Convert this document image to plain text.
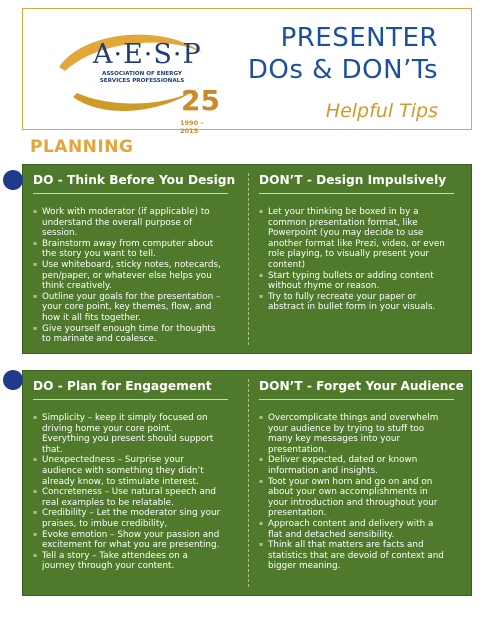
A·E·S·P
ASSOCIATION OF ENERGY
SERVICES PROFESSIONALS
25
1990 – 2015
PRESENTER
DOs & DON’Ts
Helpful Tips
PLANNING
DO - Think Before You Design
▪ Work with moderator (if applicable) to understand the overall purpose of session.
▪ Brainstorm away from computer about the story you want to tell.
▪ Use whiteboard, sticky notes, notecards, pen/paper, or whatever else helps you think creatively.
▪ Outline your goals for the presentation – your core point, key themes, flow, and how it all fits together.
▪ Give yourself enough time for thoughts to marinate and coalesce.
DON’T - Design Impulsively
▪ Let your thinking be boxed in by a common presentation format, like Powerpoint (you may decide to use another format like Prezi, video, or even role playing, to visually present your content)
▪ Start typing bullets or adding content without rhyme or reason.
▪ Try to fully recreate your paper or abstract in bullet form in your visuals.
DO - Plan for Engagement
▪ Simplicity – keep it simply focused on driving home your core point. Everything you present should support that.
▪ Unexpectedness – Surprise your audience with something they didn’t already know, to stimulate interest.
▪ Concreteness – Use natural speech and real examples to be relatable.
▪ Credibility – Let the moderator sing your praises, to imbue credibility,
▪ Evoke emotion – Show your passion and excitement for what you are presenting.
▪ Tell a story – Take attendees on a journey through your content.
DON’T - Forget Your Audience
▪ Overcomplicate things and overwhelm your audience by trying to stuff too many key messages into your presentation.
▪ Deliver expected, dated or known information and insights.
▪ Toot your own horn and go on and on about your own accomplishments in your introduction and throughout your presentation.
▪ Approach content and delivery with a flat and detached sensibility.
▪ Think all that matters are facts and statistics that are devoid of context and bigger meaning.
